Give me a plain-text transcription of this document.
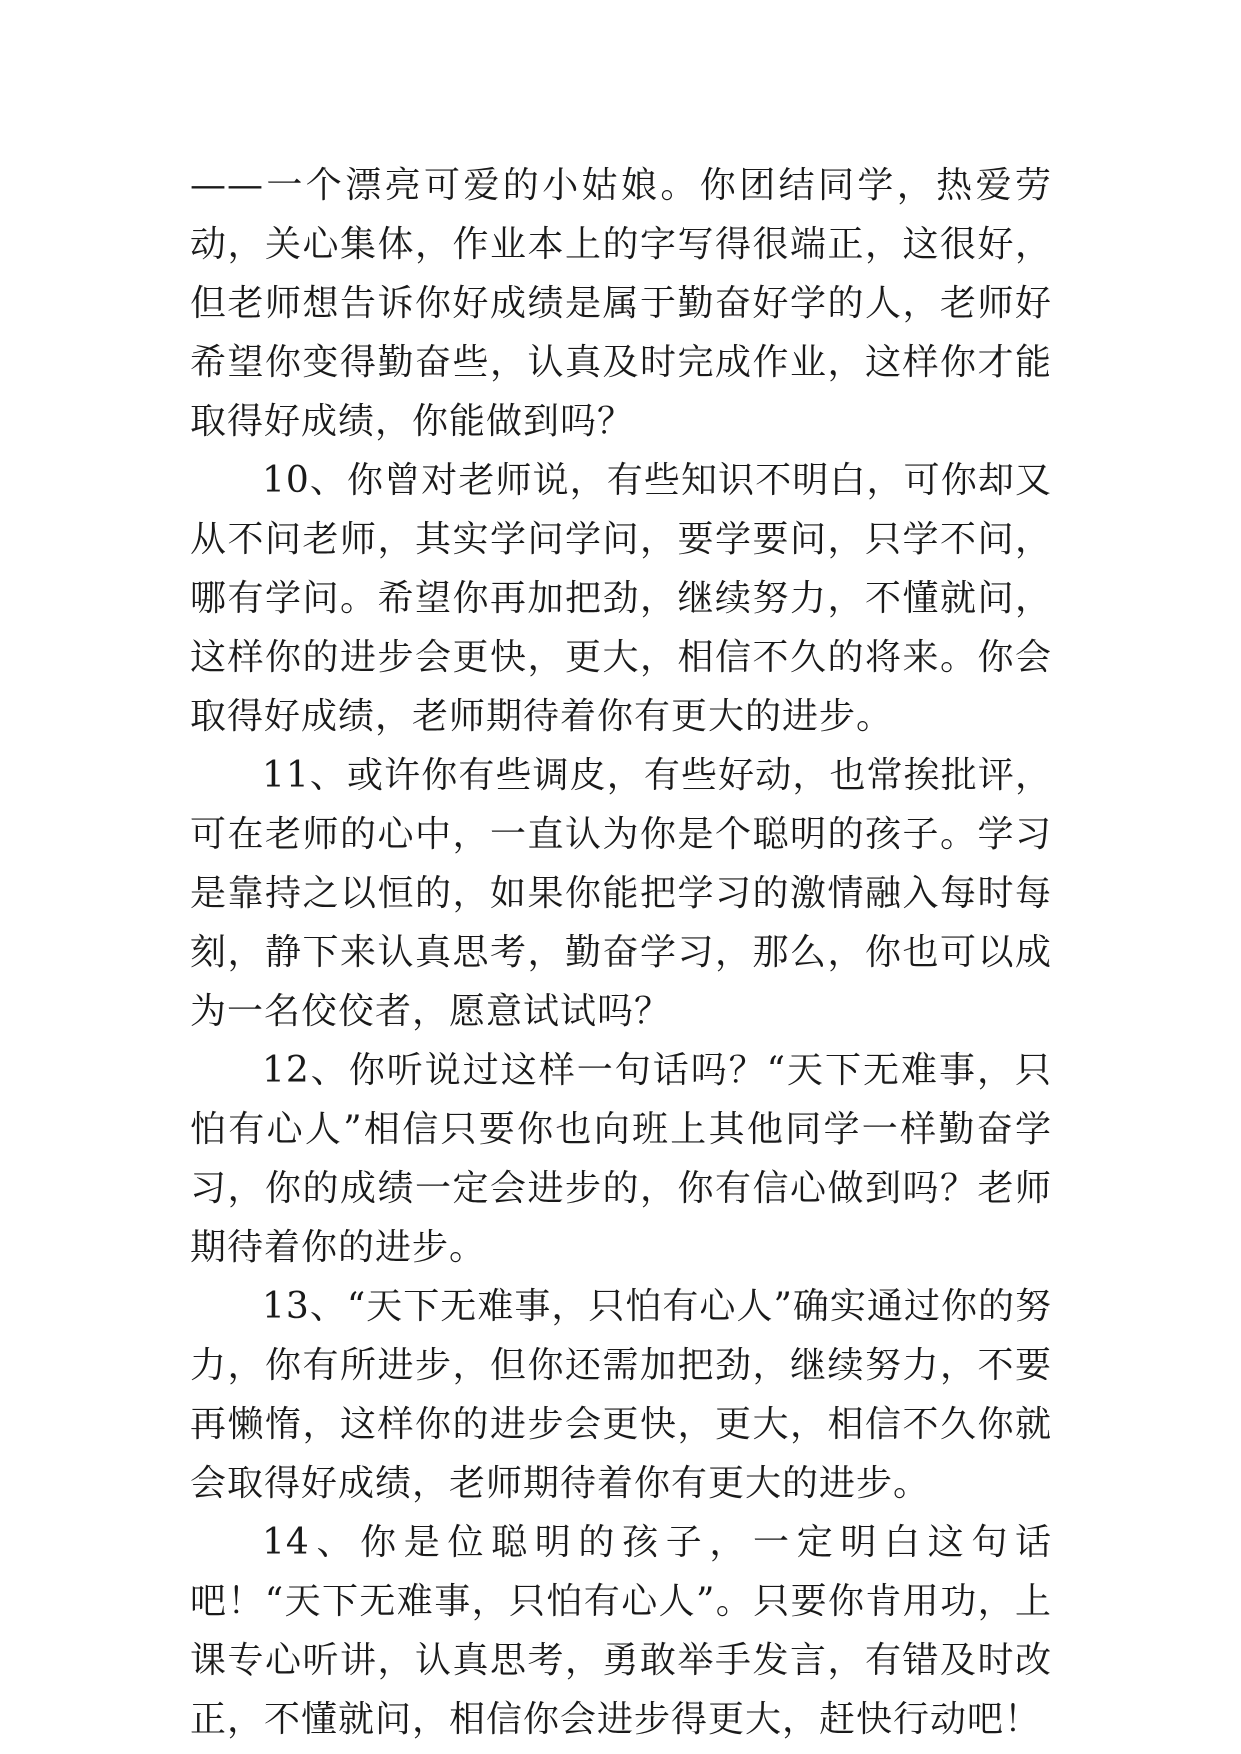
——一个漂亮可爱的小姑娘。你团结同学，热爱劳动，关心集体，作业本上的字写得很端正，这很好，但老师想告诉你好成绩是属于勤奋好学的人，老师好希望你变得勤奋些，认真及时完成作业，这样你才能取得好成绩，你能做到吗？

10、你曾对老师说，有些知识不明白，可你却又从不问老师，其实学问学问，要学要问，只学不问，哪有学问。希望你再加把劲，继续努力，不懂就问，这样你的进步会更快，更大，相信不久的将来。你会取得好成绩，老师期待着你有更大的进步。

11、或许你有些调皮，有些好动，也常挨批评，可在老师的心中，一直认为你是个聪明的孩子。学习是靠持之以恒的，如果你能把学习的激情融入每时每刻，静下来认真思考，勤奋学习，那么，你也可以成为一名佼佼者，愿意试试吗？

12、你听说过这样一句话吗？“天下无难事，只怕有心人”相信只要你也向班上其他同学一样勤奋学习，你的成绩一定会进步的，你有信心做到吗？老师期待着你的进步。

13、“天下无难事，只怕有心人”确实通过你的努力，你有所进步，但你还需加把劲，继续努力，不要再懒惰，这样你的进步会更快，更大，相信不久你就会取得好成绩，老师期待着你有更大的进步。

14、你是位聪明的孩子，一定明白这句话吧！“天下无难事，只怕有心人”。只要你肯用功，上课专心听讲，认真思考，勇敢举手发言，有错及时改正，不懂就问，相信你会进步得更大，赶快行动吧！
